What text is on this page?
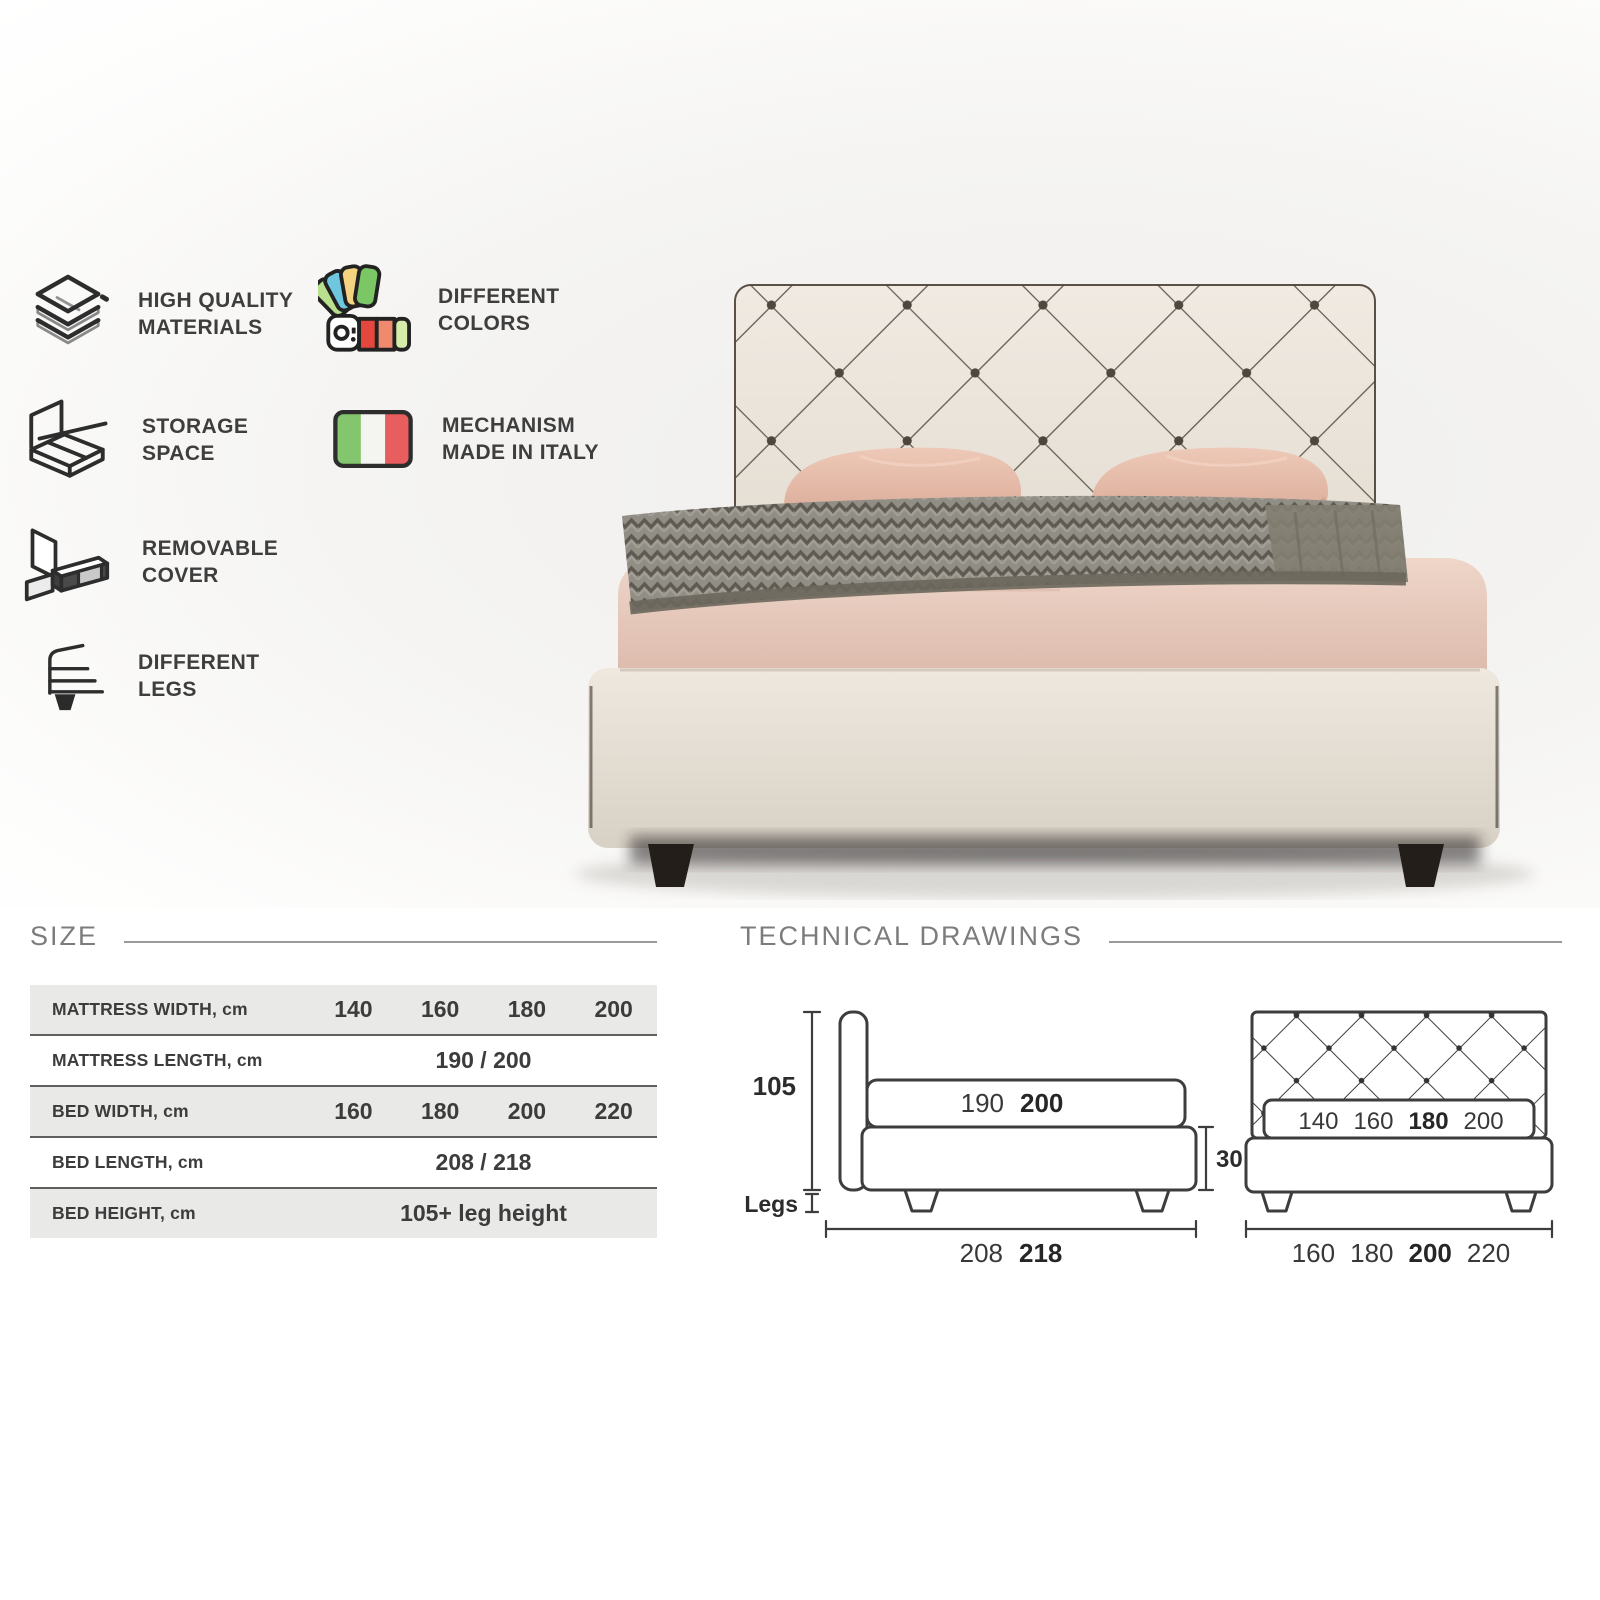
HIGH QUALITY MATERIALS
DIFFERENT COLORS
STORAGE SPACE
MECHANISM MADE IN ITALY
REMOVABLE COVER
DIFFERENT LEGS
SIZE
MATTRESS WIDTH, cm	140	160	180	200
MATTRESS LENGTH, cm	190 / 200
BED WIDTH, cm	160	180	200	220
BED LENGTH, cm	208 / 218
BED HEIGHT, cm	105+ leg height
TECHNICAL DRAWINGS
105
Legs
190 200
30
208 218
140 160 180 200
160 180 200 220
